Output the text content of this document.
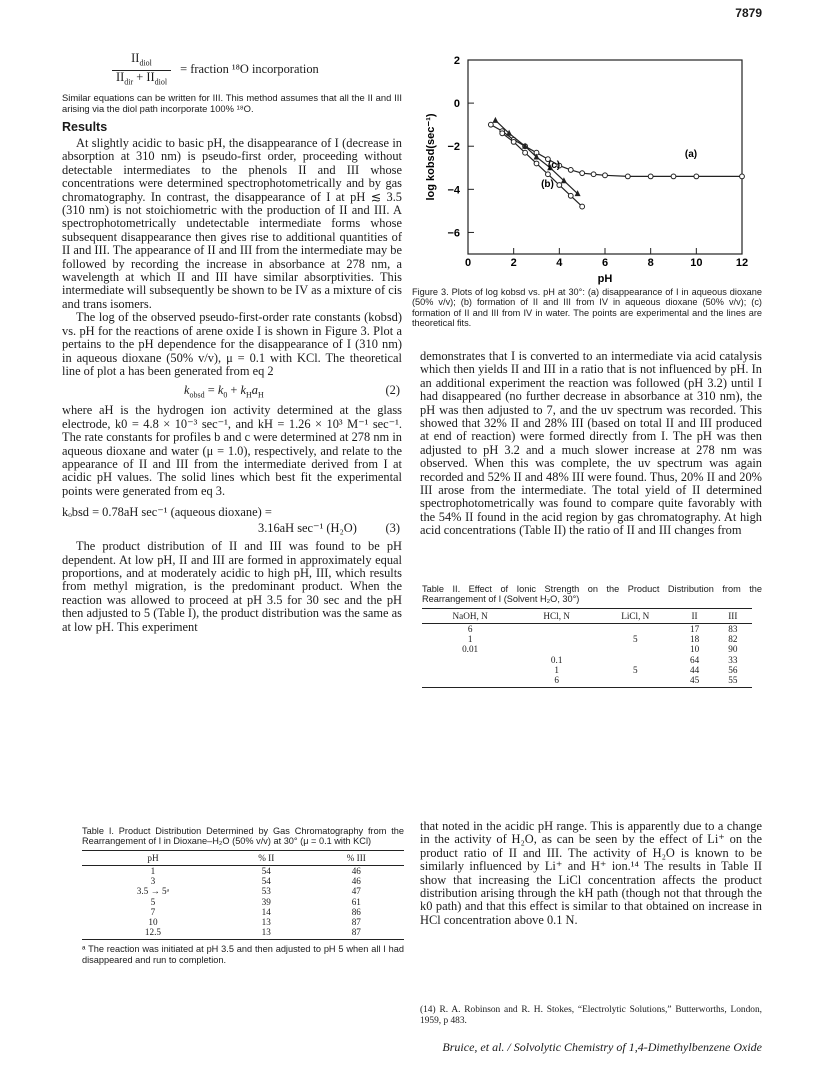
7879
$\frac{II_{diol}}{II_{dir} + II_{diol}}$ = fraction ¹⁸O incorporation
Similar equations can be written for III. This method assumes that all the II and III arising via the diol path incorporate 100% ¹⁸O.
Results

At slightly acidic to basic pH, the disappearance of I (decrease in absorption at 310 nm) is pseudo-first order, proceeding without detectable intermediates to the phenols II and III whose concentrations were determined spectrophotometrically and by gas chromatography. In contrast, the disappearance of I at pH ≲ 3.5 (310 nm) is not stoichiometric with the production of II and III. A spectrophotometrically undetectable intermediate forms whose subsequent disappearance then gives rise to additional quantities of II and III. The appearance of II and III from the intermediate may be followed by recording the increase in absorbance at 278 nm, a wavelength at which II and III have similar absorptivities. This intermediate will subsequently be shown to be IV as a mixture of cis and trans isomers.

The log of the observed pseudo-first-order rate constants (kobsd) vs. pH for the reactions of arene oxide I is shown in Figure 3. Plot a pertains to the pH dependence for the disappearance of I (310 nm) in aqueous dioxane (50% v/v), μ = 0.1 with KCl. The theoretical line of plot a has been generated from eq 2

$k_{obsd} = k_0 + k_Ha_H$	(2)

where aH is the hydrogen ion activity determined at the glass electrode, k0 = 4.8 × 10⁻³ sec⁻¹, and kH = 1.26 × 10³ M⁻¹ sec⁻¹. The rate constants for profiles b and c were determined at 278 nm in aqueous dioxane and water (μ = 1.0), respectively, and relate to the appearance of II and III from the intermediate derived from I at acidic pH values. The solid lines which best fit the experimental points were generated from eq 3.

kₒbsd = 0.78aH sec⁻¹ (aqueous dioxane) =
3.16aH sec⁻¹ (H₂O) (3)

The product distribution of II and III was found to be pH dependent. At low pH, II and III are formed in approximately equal proportions, and at moderately acidic to high pH, III, which results from methyl migration, is the predominant product. When the reaction was allowed to proceed at pH 3.5 for 30 sec and the pH then adjusted to 5 (Table I), the product distribution was the same as at low pH. This experiment

0	2	4	6	8	10	12
2
0
−2
−4
−6
pH
log kobsd(sec⁻¹)	(a)
(b)
(c)
Figure 3. Plots of log kobsd vs. pH at 30°: (a) disappearance of I in aqueous dioxane (50% v/v); (b) formation of II and III from IV in aqueous dioxane (50% v/v); (c) formation of II and III from IV in water. The points are experimental and the lines are theoretical fits.

demonstrates that I is converted to an intermediate via acid catalysis which then yields II and III in a ratio that is not influenced by pH. In an additional experiment the reaction was followed (pH 3.2) until I had disappeared (no further decrease in absorbance at 310 nm), the pH was then adjusted to 7, and the uv spectrum was recorded. This showed that 32% II and 28% III (based on total II and III produced at end of reaction) were formed directly from I. The pH was then adjusted to pH 3.2 and a much slower increase at 278 nm was observed. When this was complete, the uv spectrum was again recorded and 52% II and 48% III were found. Thus, 20% II and 20% III arose from the intermediate. The total yield of II determined spectrophotometrically was found to compare quite favorably with the 54% II found in the acid region by gas chromatography. At high acid concentrations (Table II) the ratio of II and III changes from

Table II. Effect of Ionic Strength on the Product Distribution from the Rearrangement of I (Solvent H₂O, 30°)
NaOH, N	HCl, N	LiCl, N	II	III
6			17	83
1		5	18	82
0.01			10	90
	0.1		64	33
	1	5	44	56
	6		45	55
Table I. Product Distribution Determined by Gas Chromatography from the Rearrangement of I in Dioxane–H₂O (50% v/v) at 30° (μ = 0.1 with KCl)
pH	% II	% III
1	54	46
3	54	46
3.5 → 5ᵃ	53	47
5	39	61
7	14	86
10	13	87
12.5	13	87
ᵃ The reaction was initiated at pH 3.5 and then adjusted to pH 5 when all I had disappeared and run to completion.

that noted in the acidic pH range. This is apparently due to a change in the activity of H₂O, as can be seen by the effect of Li⁺ on the product ratio of II and III. The activity of H₂O is known to be similarly influenced by Li⁺ and H⁺ ion.¹⁴ The results in Table II show that increasing the LiCl concentration affects the product distribution arising through the kH path (though not that through the k0 path) and that this effect is similar to that obtained on increase in HCl concentration above 0.1 N.

(14) R. A. Robinson and R. H. Stokes, “Electrolytic Solutions,” Butterworths, London, 1959, p 483.
Bruice, et al. / Solvolytic Chemistry of 1,4-Dimethylbenzene Oxide
